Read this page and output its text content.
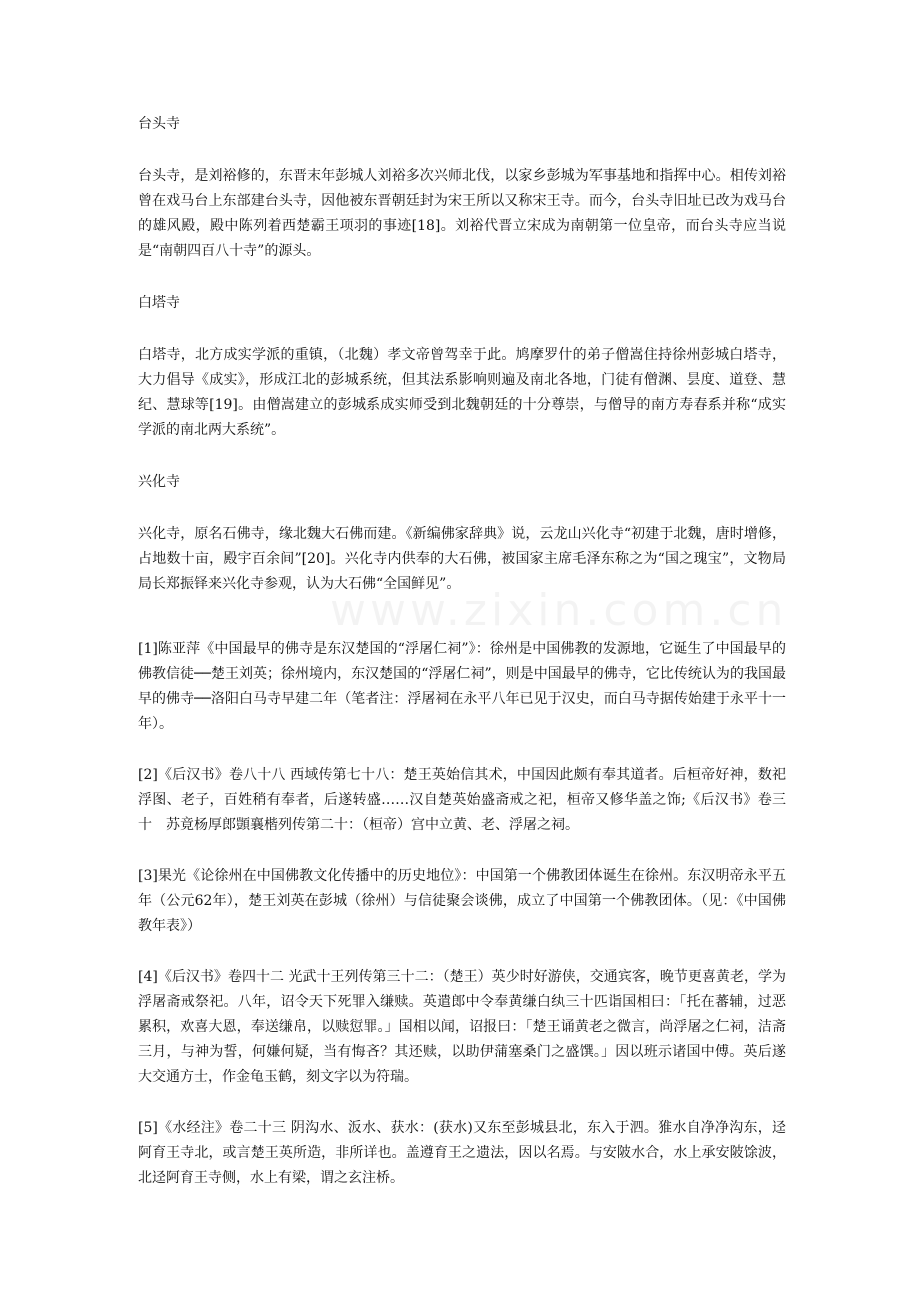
台头寺

台头寺，是刘裕修的，东晋末年彭城人刘裕多次兴师北伐，以家乡彭城为军事基地和指挥中心。相传刘裕曾在戏马台上东部建台头寺，因他被东晋朝廷封为宋王所以又称宋王寺。而今，台头寺旧址已改为戏马台的雄风殿，殿中陈列着西楚霸王项羽的事迹[18]。刘裕代晋立宋成为南朝第一位皇帝，而台头寺应当说是“南朝四百八十寺”的源头。

白塔寺

白塔寺，北方成实学派的重镇，（北魏）孝文帝曾驾幸于此。鸠摩罗什的弟子僧嵩住持徐州彭城白塔寺，大力倡导《成实》，形成江北的彭城系统，但其法系影响则遍及南北各地，门徒有僧渊、昙度、道登、慧纪、慧球等[19]。由僧嵩建立的彭城系成实师受到北魏朝廷的十分尊崇，与僧导的南方寿春系并称“成实学派的南北两大系统”。

兴化寺

兴化寺，原名石佛寺，缘北魏大石佛而建。《新编佛家辞典》说，云龙山兴化寺“初建于北魏，唐时增修，占地数十亩，殿宇百余间”[20]。兴化寺内供奉的大石佛，被国家主席毛泽东称之为“国之瑰宝”，文物局局长郑振铎来兴化寺参观，认为大石佛“全国鲜见”。

[1]陈亚萍《中国最早的佛寺是东汉楚国的“浮屠仁祠”》：徐州是中国佛教的发源地，它诞生了中国最早的佛教信徒──楚王刘英；徐州境内，东汉楚国的“浮屠仁祠”，则是中国最早的佛寺，它比传统认为的我国最早的佛寺──洛阳白马寺早建二年（笔者注：浮屠祠在永平八年已见于汉史，而白马寺据传始建于永平十一年）。

[2]《后汉书》卷八十八 西域传第七十八：楚王英始信其术，中国因此颇有奉其道者。后桓帝好神，数祀浮图、老子，百姓稍有奉者，后遂转盛……汉自楚英始盛斋戒之祀，桓帝又修华盖之饰;《后汉书》卷三十　苏竟杨厚郎顗襄楷列传第二十：（桓帝）宫中立黄、老、浮屠之祠。

[3]果光《论徐州在中国佛教文化传播中的历史地位》：中国第一个佛教团体诞生在徐州。东汉明帝永平五年（公元62年），楚王刘英在彭城（徐州）与信徒聚会谈佛，成立了中国第一个佛教团体。（见：《中国佛教年表》）

[4]《后汉书》卷四十二 光武十王列传第三十二：（楚王）英少时好游侠，交通宾客，晚节更喜黄老，学为浮屠斋戒祭祀。八年，诏令天下死罪入缣赎。英遣郎中令奉黄缣白纨三十匹诣国相曰：「托在蕃辅，过恶累积，欢喜大恩，奉送缣帛，以赎愆罪。」国相以闻，诏报曰：「楚王诵黄老之微言，尚浮屠之仁祠，洁斋三月，与神为誓，何嫌何疑，当有悔吝？其还赎，以助伊蒲塞桑门之盛馔。」因以班示诸国中傅。英后遂大交通方士，作金龟玉鹤，刻文字以为符瑞。

[5]《水经注》卷二十三 阴沟水、汳水、获水：(获水)又东至彭城县北，东入于泗。猚水自净净沟东，迳阿育王寺北，或言楚王英所造，非所详也。盖遵育王之遗法，因以名焉。与安陂水合，水上承安陂馀波，北迳阿育王寺侧，水上有梁，谓之玄注桥。
